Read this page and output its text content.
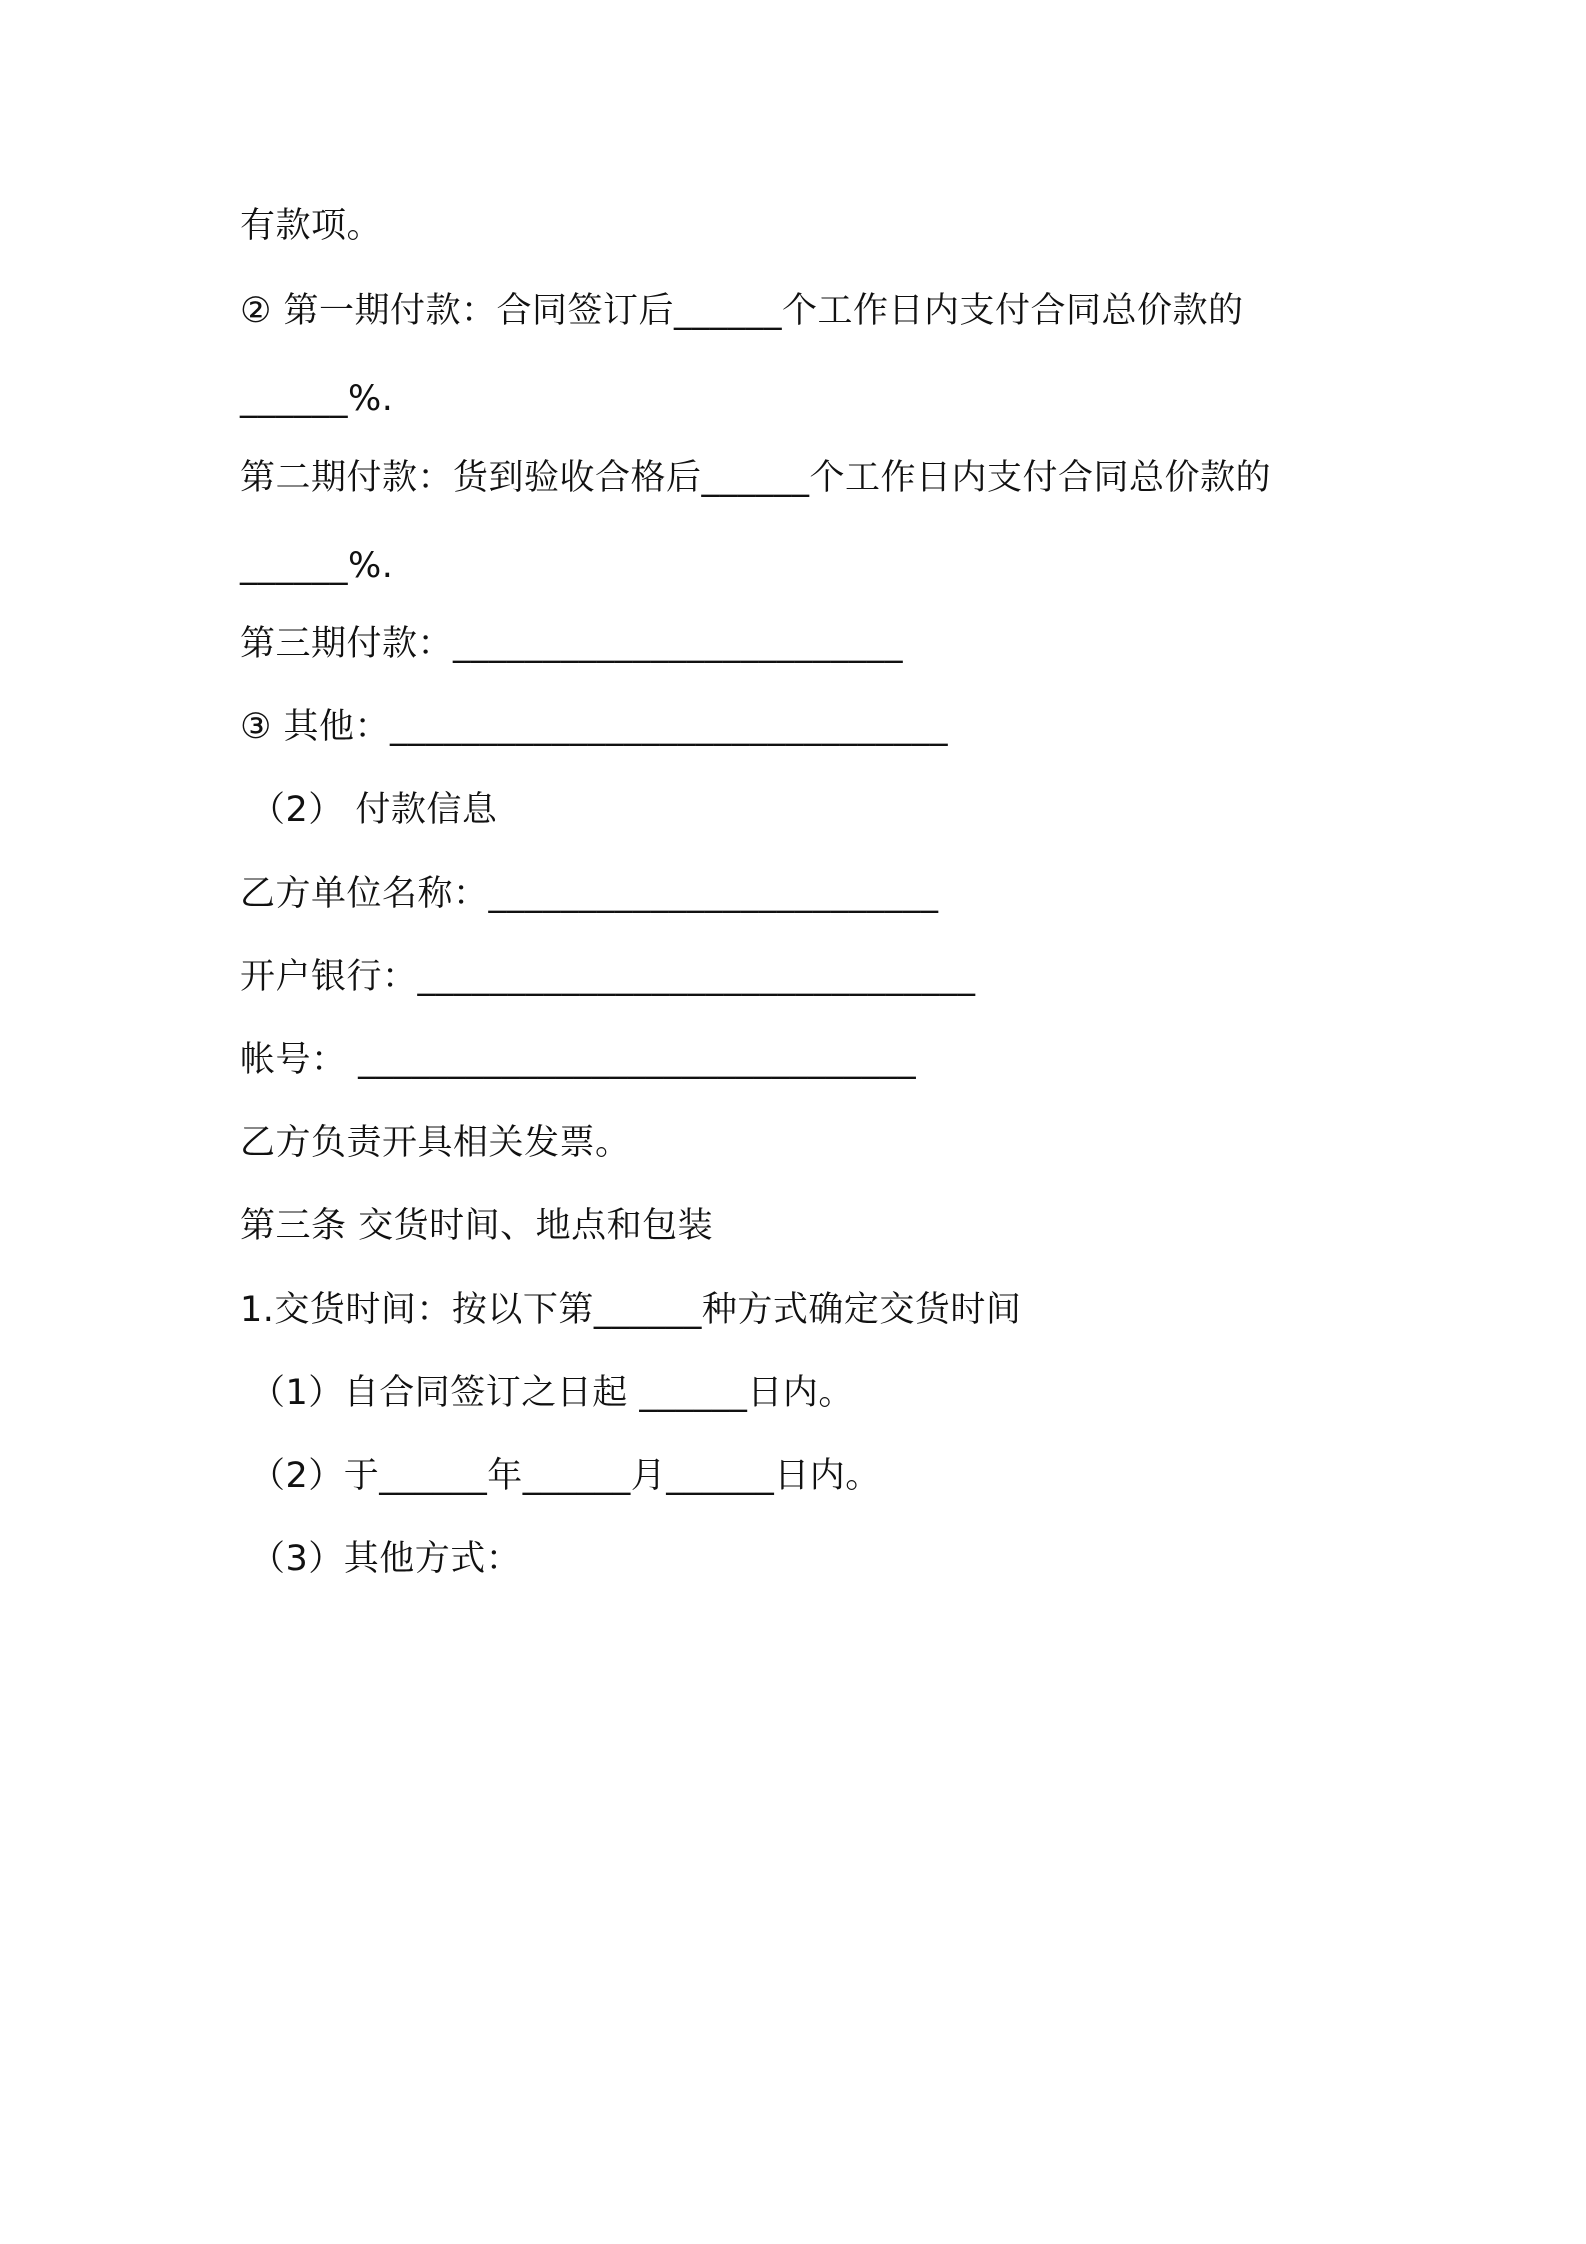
有款项。
② 第一期付款：合同签订后______个工作日内支付合同总价款的
______%.
第二期付款：货到验收合格后______个工作日内支付合同总价款的
______%.
第三期付款：_________________________
③ 其他：_______________________________
（2） 付款信息
乙方单位名称：_________________________
开户银行：_______________________________
帐号： _______________________________
乙方负责开具相关发票。
第三条 交货时间、地点和包装
1.交货时间：按以下第______种方式确定交货时间
（1）自合同签订之日起 ______日内。
（2）于______年______月______日内。
（3）其他方式：
